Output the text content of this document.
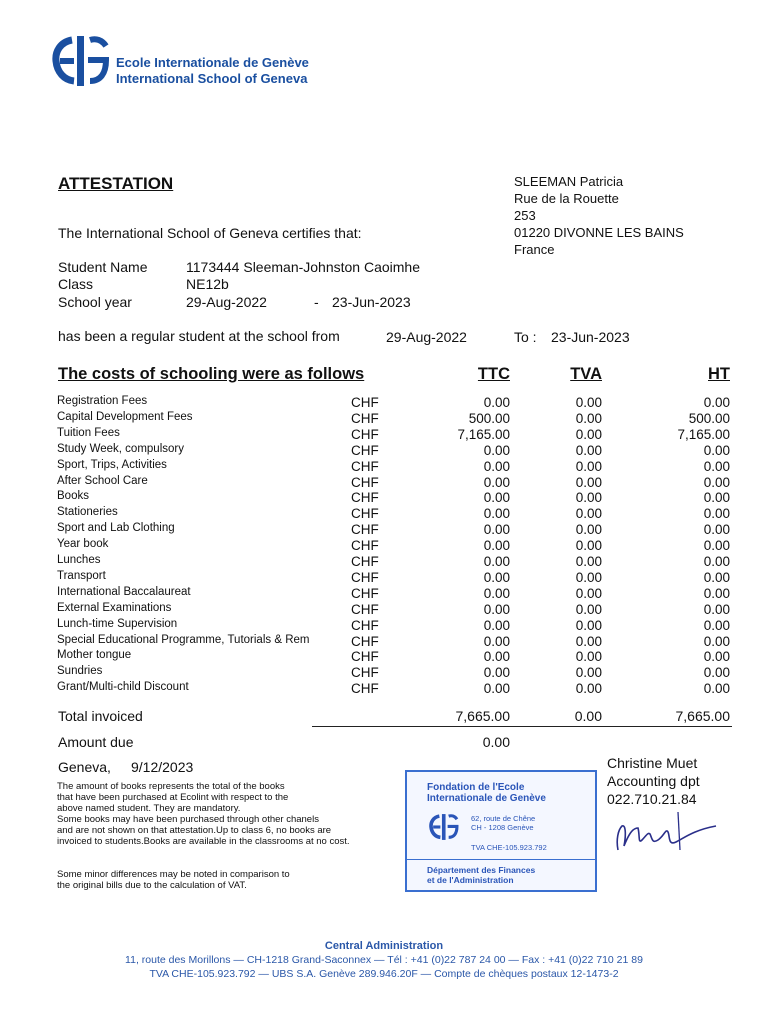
Ecole Internationale de Genève
International School of Geneva
ATTESTATION	SLEEMAN Patricia
Rue de la Rouette
253
01220 DIVONNE LES BAINS
France
The International School of Geneva certifies that:
Student Name	1173444 Sleeman-Johnston Caoimhe
Class	NE12b
School year	29-Aug-2022	- 23-Jun-2023
has been a regular student at the school from	29-Aug-2022	To : 23-Jun-2023
The costs of schooling were as follows	TTC	TVA	HT
Registration Fees	CHF	0.00	0.00	0.00
Capital Development Fees	CHF	500.00	0.00	500.00
Tuition Fees	CHF	7,165.00	0.00	7,165.00
Study Week, compulsory	CHF	0.00	0.00	0.00
Sport, Trips, Activities	CHF	0.00	0.00	0.00
After School Care	CHF	0.00	0.00	0.00
Books	CHF	0.00	0.00	0.00
Stationeries	CHF	0.00	0.00	0.00
Sport and Lab Clothing	CHF	0.00	0.00	0.00
Year book	CHF	0.00	0.00	0.00
Lunches	CHF	0.00	0.00	0.00
Transport	CHF	0.00	0.00	0.00
International Baccalaureat	CHF	0.00	0.00	0.00
External Examinations	CHF	0.00	0.00	0.00
Lunch-time Supervision	CHF	0.00	0.00	0.00
Special Educational Programme, Tutorials & Rem	CHF	0.00	0.00	0.00
Mother tongue	CHF	0.00	0.00	0.00
Sundries	CHF	0.00	0.00	0.00
Grant/Multi-child Discount	CHF	0.00	0.00	0.00
Total invoiced	7,665.00	0.00	7,665.00
Amount due	0.00
Geneva, 9/12/2023	Christine Muet
Accounting dpt
022.710.21.84
The amount of books represents the total of the books
that have been purchased at Ecolint with respect to the
above named student. They are mandatory.
Some books may have been purchased through other chanels
and are not shown on that attestation.Up to class 6, no books are
invoiced to students.Books are available in the classrooms at no cost.
Some minor differences may be noted in comparison to
the original bills due to the calculation of VAT.
Fondation de l'Ecole
Internationale de Genève
62, route de Chêne
CH - 1208 Genève
TVA CHE-105.923.792
Département des Finances
et de l'Administration
Central Administration
11, route des Morillons — CH-1218 Grand-Saconnex — Tél : +41 (0)22 787 24 00 — Fax : +41 (0)22 710 21 89
TVA CHE-105.923.792 — UBS S.A. Genève 289.946.20F — Compte de chèques postaux 12-1473-2
